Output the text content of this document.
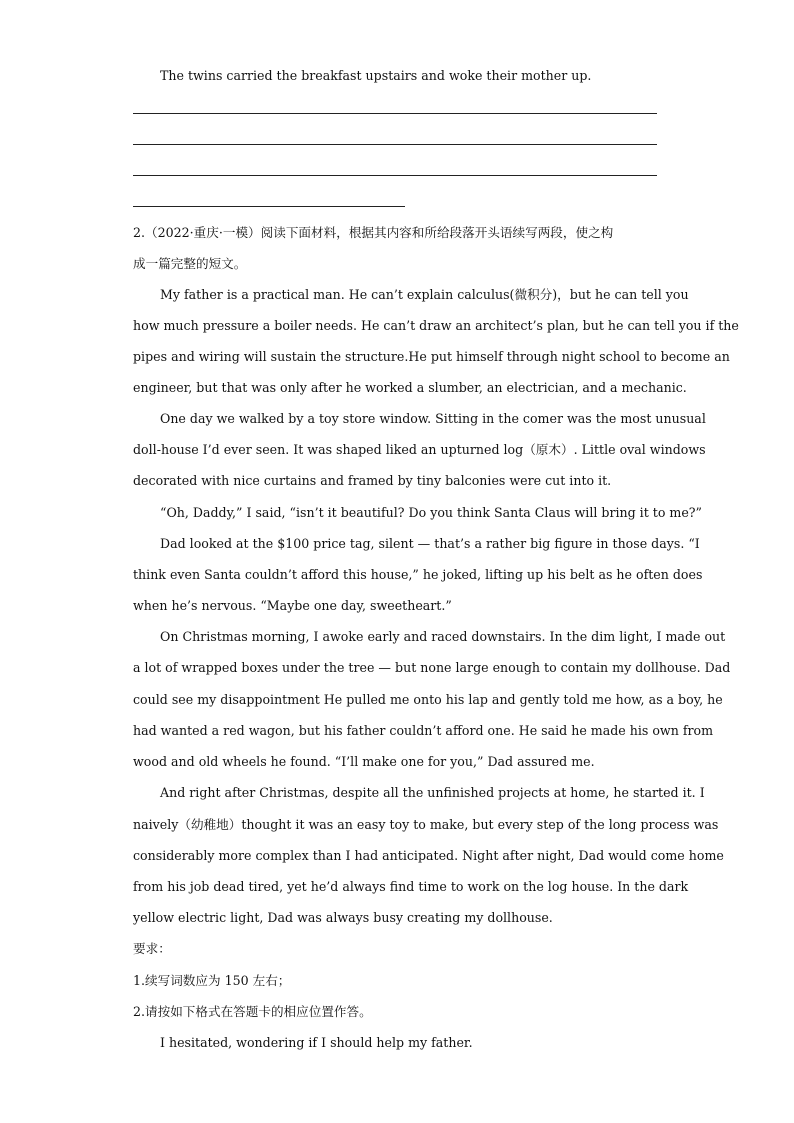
The twins carried the breakfast upstairs and woke their mother up.
2.（2022·重庆·一模）阅读下面材料，根据其内容和所给段落开头语续写两段，使之构
成一篇完整的短文。
My father is a practical man. He can’t explain calculus(微积分)，but he can tell you
how much pressure a boiler needs. He can’t draw an architect’s plan, but he can tell you if the
pipes and wiring will sustain the structure.He put himself through night school to become an
engineer, but that was only after he worked a slumber, an electrician, and a mechanic.
One day we walked by a toy store window. Sitting in the comer was the most unusual
doll-house I’d ever seen. It was shaped liked an upturned log（原木）. Little oval windows
decorated with nice curtains and framed by tiny balconies were cut into it.
“Oh, Daddy,” I said, “isn’t it beautiful? Do you think Santa Claus will bring it to me?”
Dad looked at the $100 price tag, silent — that’s a rather big figure in those days. “I
think even Santa couldn’t afford this house,” he joked, lifting up his belt as he often does
when he’s nervous. “Maybe one day, sweetheart.”
On Christmas morning, I awoke early and raced downstairs. In the dim light, I made out
a lot of wrapped boxes under the tree — but none large enough to contain my dollhouse. Dad
could see my disappointment He pulled me onto his lap and gently told me how, as a boy, he
had wanted a red wagon, but his father couldn’t afford one. He said he made his own from
wood and old wheels he found. “I’ll make one for you,” Dad assured me.
And right after Christmas, despite all the unfinished projects at home, he started it. I
naively（幼稚地）thought it was an easy toy to make, but every step of the long process was
considerably more complex than I had anticipated. Night after night, Dad would come home
from his job dead tired, yet he’d always find time to work on the log house. In the dark
yellow electric light, Dad was always busy creating my dollhouse.
要求：
1.续写词数应为 150 左右；
2.请按如下格式在答题卡的相应位置作答。
I hesitated, wondering if I should help my father.
